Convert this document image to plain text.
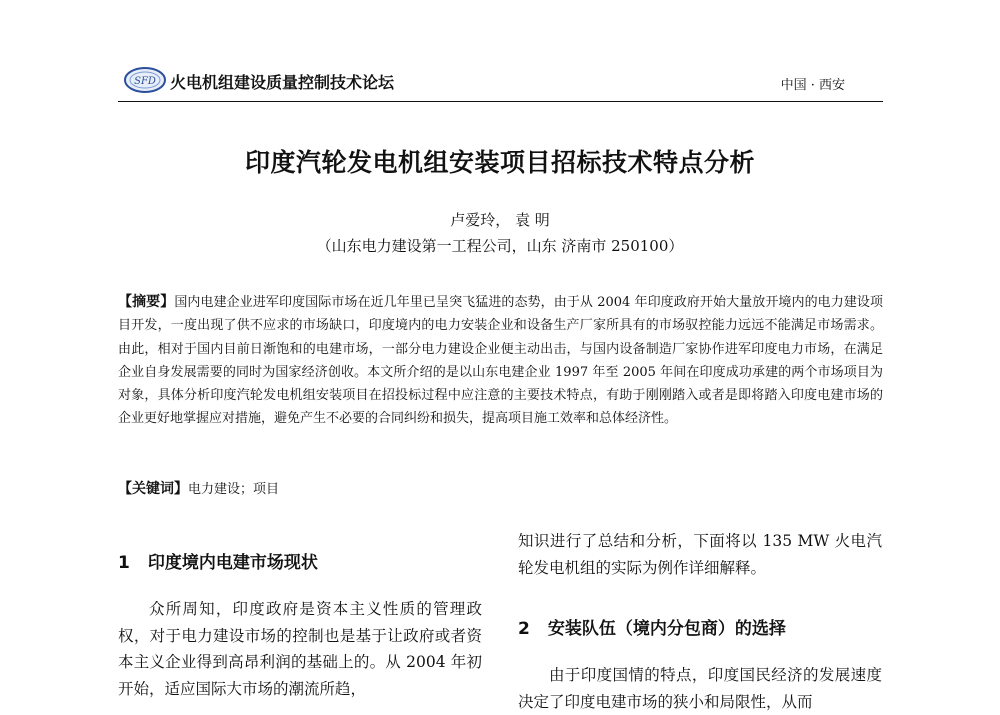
SFD 火电机组建设质量控制技术论坛	中国 · 西安
印度汽轮发电机组安装项目招标技术特点分析
卢爱玲， 袁 明
（山东电力建设第一工程公司，山东 济南市 250100）
【摘要】国内电建企业进军印度国际市场在近几年里已呈突飞猛进的态势，由于从 2004 年印度政府开始大量放开境内的电力建设项目开发，一度出现了供不应求的市场缺口，印度境内的电力安装企业和设备生产厂家所具有的市场驭控能力远远不能满足市场需求。由此，相对于国内目前日渐饱和的电建市场，一部分电力建设企业便主动出击，与国内设备制造厂家协作进军印度电力市场，在满足企业自身发展需要的同时为国家经济创收。本文所介绍的是以山东电建企业 1997 年至 2005 年间在印度成功承建的两个市场项目为对象，具体分析印度汽轮发电机组安装项目在招投标过程中应注意的主要技术特点，有助于刚刚踏入或者是即将踏入印度电建市场的企业更好地掌握应对措施，避免产生不必要的合同纠纷和损失，提高项目施工效率和总体经济性。
【关键词】电力建设；项目
1 印度境内电建市场现状

众所周知，印度政府是资本主义性质的管理政权，对于电力建设市场的控制也是基于让政府或者资本主义企业得到高昂利润的基础上的。从 2004 年初开始，适应国际大市场的潮流所趋，

知识进行了总结和分析，下面将以 135 MW 火电汽轮发电机组的实际为例作详细解释。

2 安装队伍（境内分包商）的选择

由于印度国情的特点，印度国民经济的发展速度决定了印度电建市场的狭小和局限性，从而
